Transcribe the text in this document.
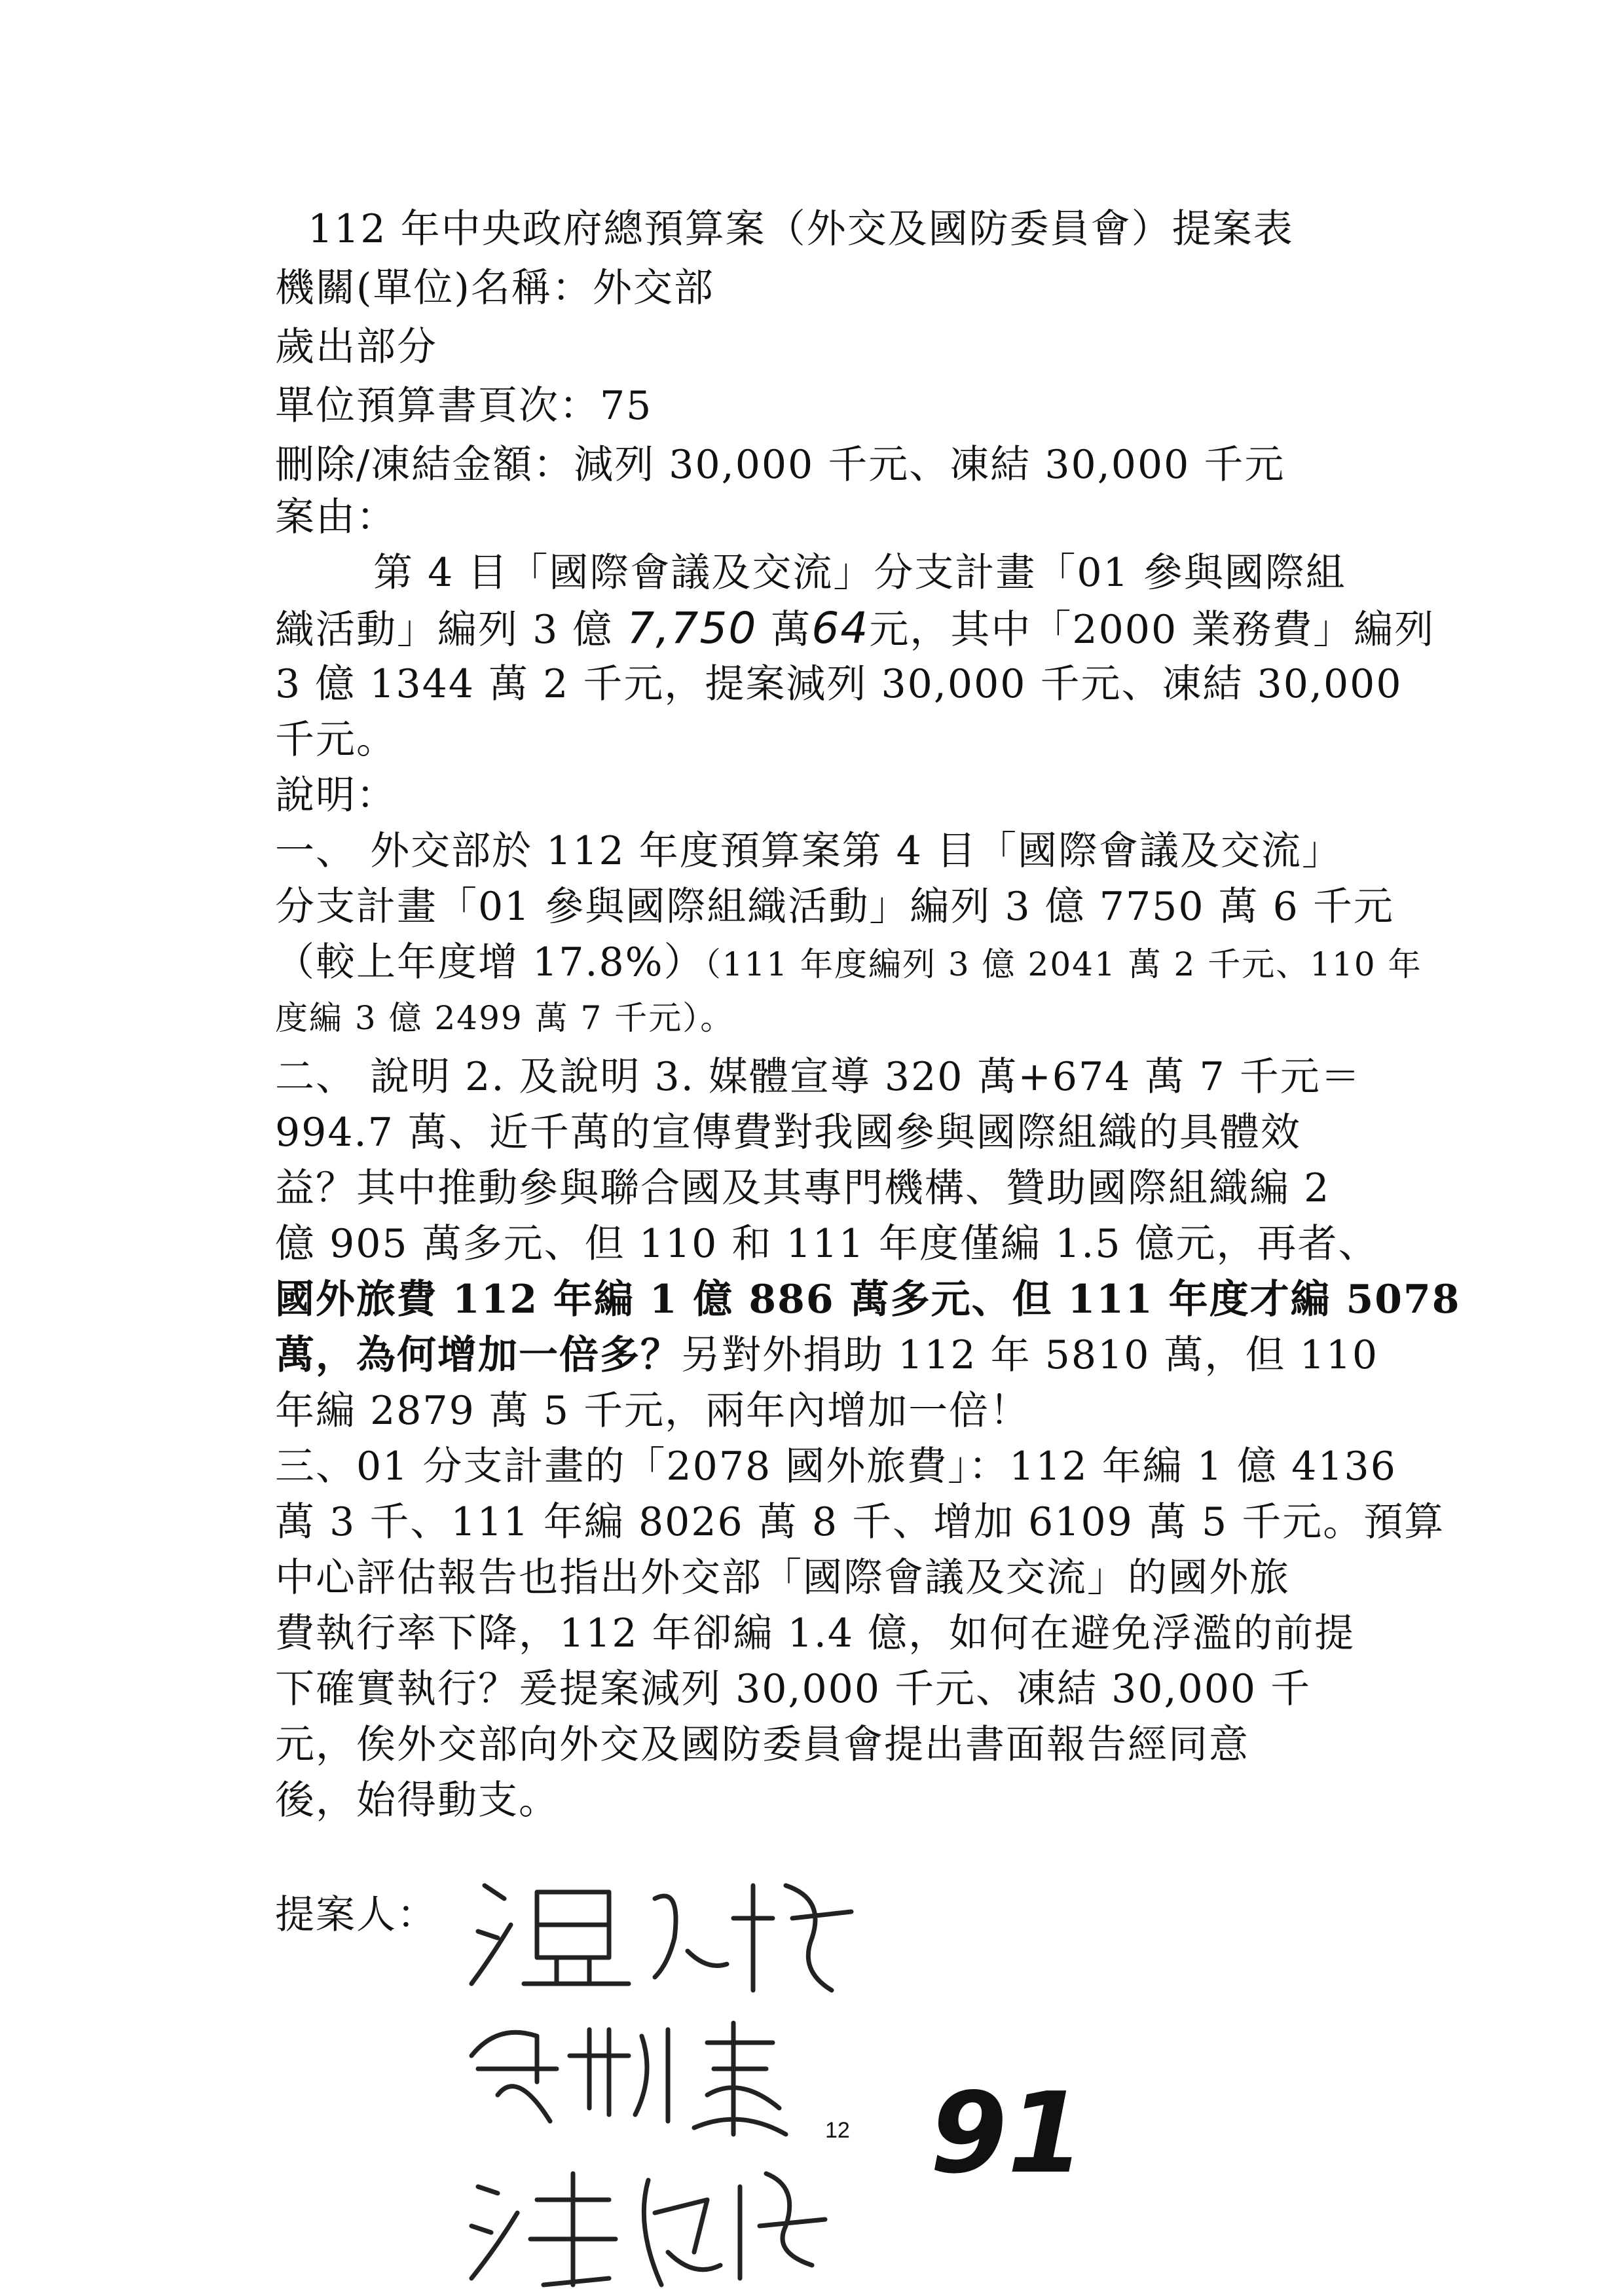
112 年中央政府總預算案（外交及國防委員會）提案表
機關(單位)名稱：外交部
歲出部分
單位預算書頁次：75
刪除/凍結金額：減列 30,000 千元、凍結 30,000 千元
案由：
第 4 目「國際會議及交流」分支計畫「01 參與國際組
織活動」編列 3 億 7,750 萬64元，其中「2000 業務費」編列
3 億 1344 萬 2 千元，提案減列 30,000 千元、凍結 30,000
千元。
說明：
一、 外交部於 112 年度預算案第 4 目「國際會議及交流」
分支計畫「01 參與國際組織活動」編列 3 億 7750 萬 6 千元
（較上年度增 17.8%）（111 年度編列 3 億 2041 萬 2 千元、110 年
度編 3 億 2499 萬 7 千元）。
二、 說明 2. 及說明 3. 媒體宣導 320 萬+674 萬 7 千元＝
994.7 萬、近千萬的宣傳費對我國參與國際組織的具體效
益？其中推動參與聯合國及其專門機構、贊助國際組織編 2
億 905 萬多元、但 110 和 111 年度僅編 1.5 億元，再者、
國外旅費 112 年編 1 億 886 萬多元、但 111 年度才編 5078
萬，為何增加一倍多？另對外捐助 112 年 5810 萬，但 110
年編 2879 萬 5 千元，兩年內增加一倍！
三、01 分支計畫的「2078 國外旅費」：112 年編 1 億 4136
萬 3 千、111 年編 8026 萬 8 千、增加 6109 萬 5 千元。預算
中心評估報告也指出外交部「國際會議及交流」的國外旅
費執行率下降，112 年卻編 1.4 億，如何在避免浮濫的前提
下確實執行？爰提案減列 30,000 千元、凍結 30,000 千
元，俟外交部向外交及國防委員會提出書面報告經同意
後，始得動支。
提案人：
12 91
